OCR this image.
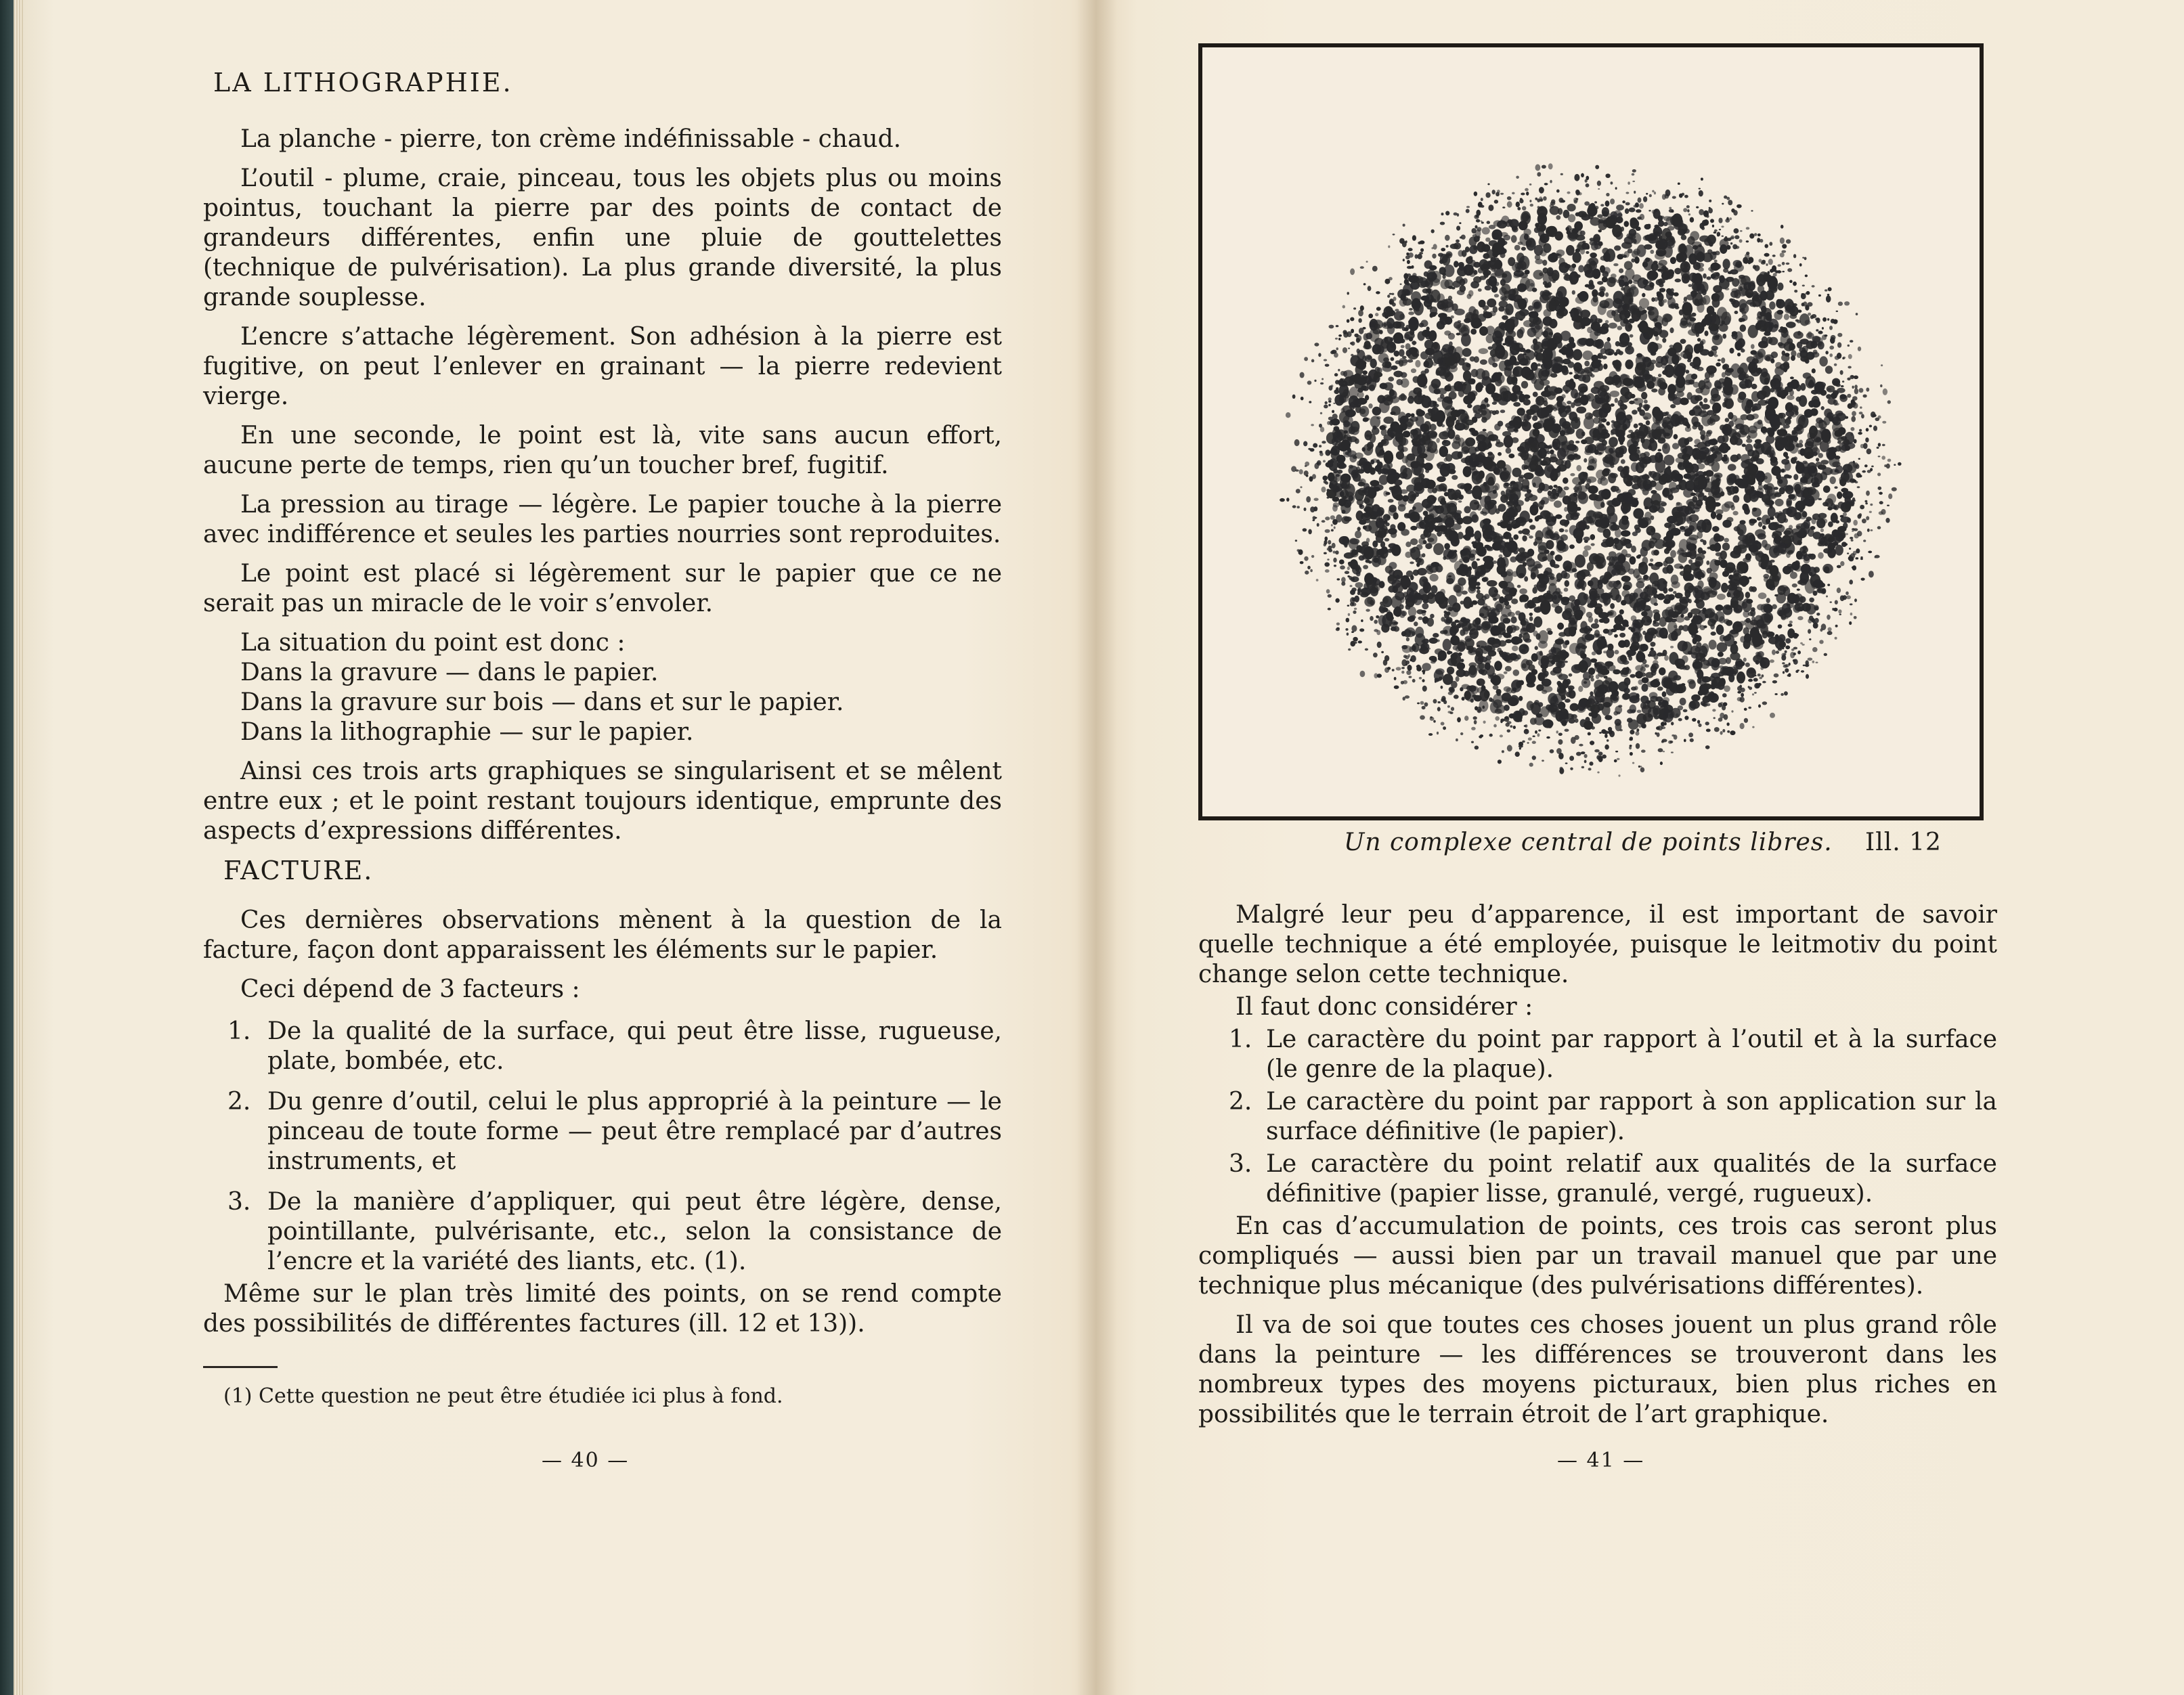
LA LITHOGRAPHIE.

La planche - pierre, ton crème indéfinissable - chaud.

L’outil - plume, craie, pinceau, tous les objets plus ou moins pointus, touchant la pierre par des points de contact de grandeurs différentes, enfin une pluie de gouttelettes (technique de pulvérisation). La plus grande diversité, la plus grande souplesse.

L’encre s’attache légèrement. Son adhésion à la pierre est fugitive, on peut l’enlever en grainant — la pierre redevient vierge.

En une seconde, le point est là, vite sans aucun effort, aucune perte de temps, rien qu’un toucher bref, fugitif.

La pression au tirage — légère. Le papier touche à la pierre avec indifférence et seules les parties nourries sont reproduites.

Le point est placé si légèrement sur le papier que ce ne serait pas un miracle de le voir s’envoler.

La situation du point est donc :

Dans la gravure — dans le papier.

Dans la gravure sur bois — dans et sur le papier.

Dans la lithographie — sur le papier.

Ainsi ces trois arts graphiques se singularisent et se mêlent entre eux ; et le point restant toujours identique, emprunte des aspects d’expressions différentes.

FACTURE.

Ces dernières observations mènent à la question de la facture, façon dont apparaissent les éléments sur le papier.

Ceci dépend de 3 facteurs :

1. De la qualité de la surface, qui peut être lisse, rugueuse, plate, bombée, etc.
2. Du genre d’outil, celui le plus approprié à la peinture — le pinceau de toute forme — peut être remplacé par d’autres instruments, et
3. De la manière d’appliquer, qui peut être légère, dense, pointillante, pulvérisante, etc., selon la consistance de l’encre et la variété des liants, etc. (1).

Même sur le plan très limité des points, on se rend compte des possibilités de différentes factures (ill. 12 et 13)).

(1) Cette question ne peut être étudiée ici plus à fond.
— 40 —
Un complexe central de points libres.	Ill. 12

Malgré leur peu d’apparence, il est important de savoir quelle technique a été employée, puisque le leitmotiv du point change selon cette technique.

Il faut donc considérer :

1. Le caractère du point par rapport à l’outil et à la surface (le genre de la plaque).
2. Le caractère du point par rapport à son application sur la surface définitive (le papier).
3. Le caractère du point relatif aux qualités de la surface définitive (papier lisse, granulé, vergé, rugueux).

En cas d’accumulation de points, ces trois cas seront plus compliqués — aussi bien par un travail manuel que par une technique plus mécanique (des pulvérisations différentes).

Il va de soi que toutes ces choses jouent un plus grand rôle dans la peinture — les différences se trouveront dans les nombreux types des moyens picturaux, bien plus riches en possibilités que le terrain étroit de l’art graphique.

— 41 —
